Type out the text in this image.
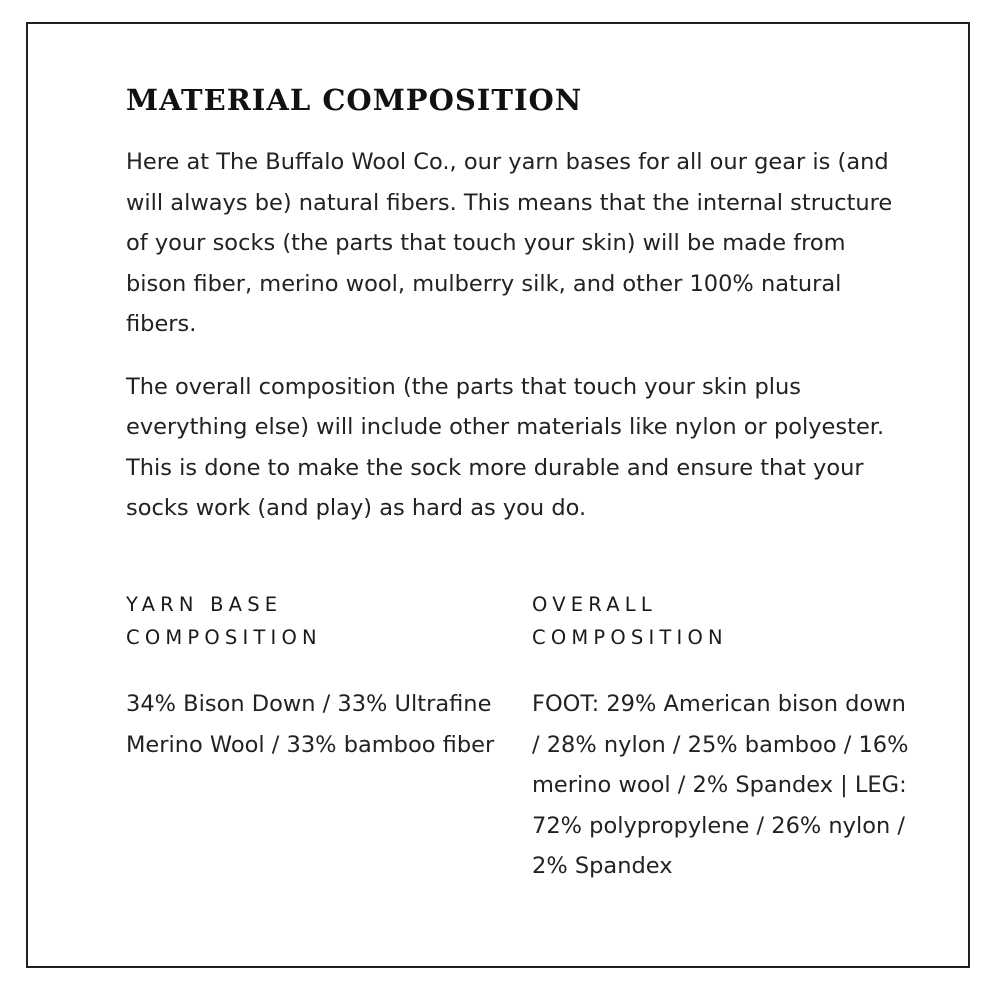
MATERIAL COMPOSITION

Here at The Buffalo Wool Co., our yarn bases for all our gear is (and will always be) natural fibers. This means that the internal structure of your socks (the parts that touch your skin) will be made from bison fiber, merino wool, mulberry silk, and other 100% natural fibers.

The overall composition (the parts that touch your skin plus everything else) will include other materials like nylon or polyester. This is done to make the sock more durable and ensure that your socks work (and play) as hard as you do.

YARN BASE
COMPOSITION

34% Bison Down / 33% Ultrafine Merino Wool / 33% bamboo fiber

OVERALL
COMPOSITION

FOOT: 29% American bison down / 28% nylon / 25% bamboo / 16% merino wool / 2% Spandex | LEG: 72% polypropylene / 26% nylon / 2% Spandex
